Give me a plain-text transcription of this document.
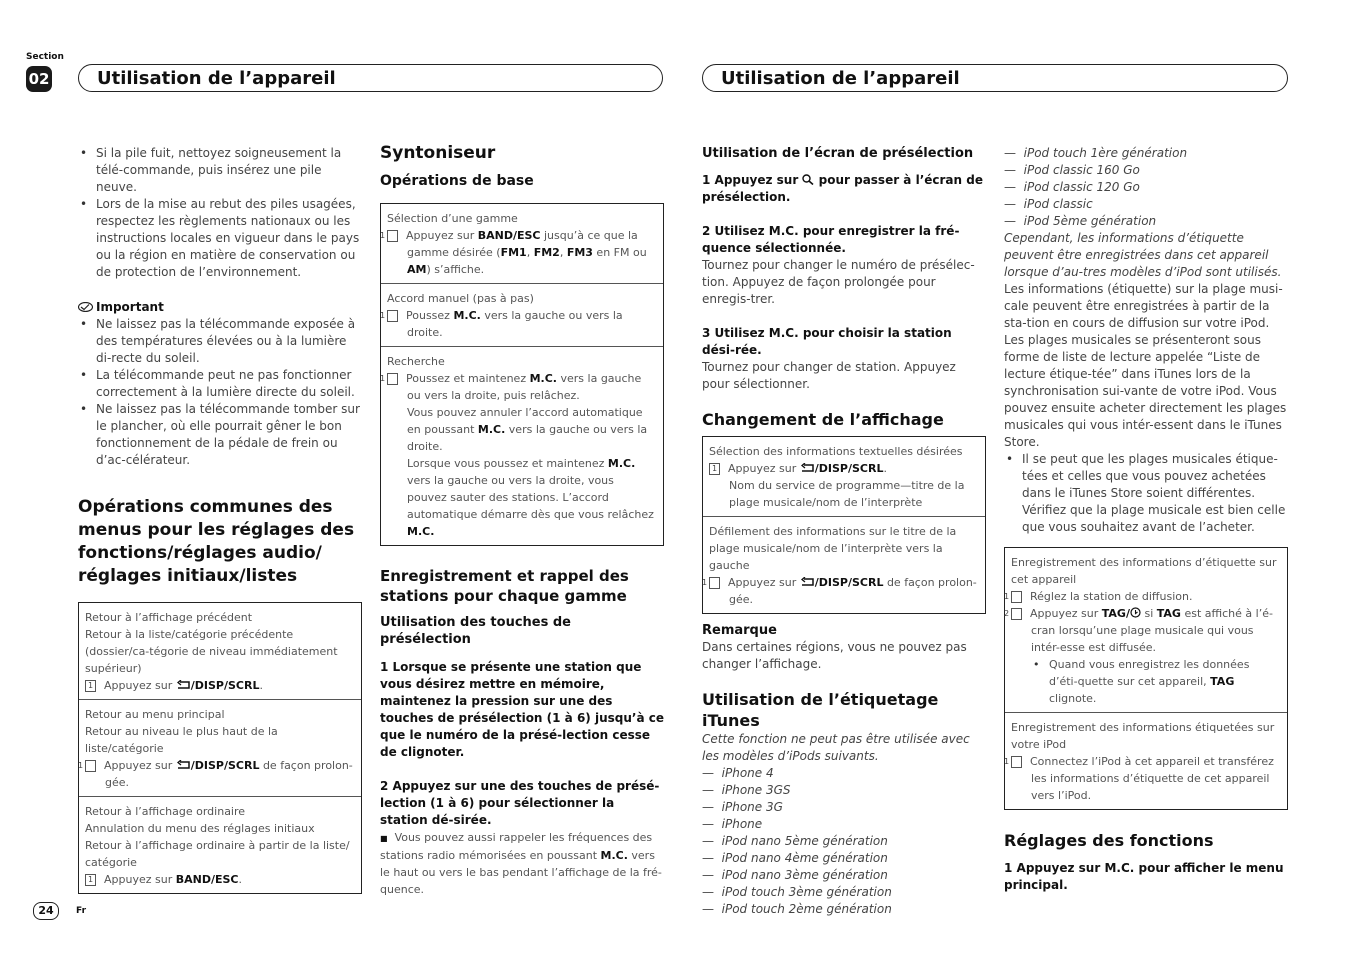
Section
02	Utilisation de l’appareil	Utilisation de l’appareil
• Si la pile fuit, nettoyez soigneusement la télé-commande, puis insérez une pile neuve.
• Lors de la mise au rebut des piles usagées, respectez les règlements nationaux ou les instructions locales en vigueur dans le pays ou la région en matière de conservation ou de protection de l’environnement.
Important
• Ne laissez pas la télécommande exposée à des températures élevées ou à la lumière di-recte du soleil.
• La télécommande peut ne pas fonctionner correctement à la lumière directe du soleil.
• Ne laissez pas la télécommande tomber sur le plancher, où elle pourrait gêner le bon fonctionnement de la pédale de frein ou d’ac-célérateur.
Opérations communes des menus pour les réglages des fonctions/réglages audio/ réglages initiaux/listes
Retour à l’affichage précédent
Retour à la liste/catégorie précédente (dossier/ca-tégorie de niveau immédiatement supérieur)
1 Appuyez sur /DISP/SCRL.
Retour au menu principal
Retour au niveau le plus haut de la liste/catégorie
1 Appuyez sur /DISP/SCRL de façon prolon-gée.
Retour à l’affichage ordinaire
Annulation du menu des réglages initiaux
Retour à l’affichage ordinaire à partir de la liste/ catégorie
1 Appuyez sur BAND/ESC.
Syntoniseur
Opérations de base
Sélection d’une gamme
1 Appuyez sur BAND/ESC jusqu’à ce que la gamme désirée (FM1, FM2, FM3 en FM ou AM) s’affiche.
Accord manuel (pas à pas)
1 Poussez M.C. vers la gauche ou vers la droite.
Recherche
1 Poussez et maintenez M.C. vers la gauche ou vers la droite, puis relâchez.
Vous pouvez annuler l’accord automatique en poussant M.C. vers la gauche ou vers la droite.
Lorsque vous poussez et maintenez M.C. vers la gauche ou vers la droite, vous pouvez sauter des stations. L’accord automatique démarre dès que vous relâchez M.C.
Enregistrement et rappel des stations pour chaque gamme
Utilisation des touches de présélection
1 Lorsque se présente une station que vous désirez mettre en mémoire, maintenez la pression sur une des touches de présélection (1 à 6) jusqu’à ce que le numéro de la présé-lection cesse de clignoter.
2 Appuyez sur une des touches de présé-lection (1 à 6) pour sélectionner la station dé-sirée.
■ Vous pouvez aussi rappeler les fréquences des stations radio mémorisées en poussant M.C. vers le haut ou vers le bas pendant l’affichage de la fré-quence.
Utilisation de l’écran de présélection
1 Appuyez sur  pour passer à l’écran de présélection.
2 Utilisez M.C. pour enregistrer la fré-quence sélectionnée.

Tournez pour changer le numéro de présélec-tion. Appuyez de façon prolongée pour enregis-trer.

3 Utilisez M.C. pour choisir la station dési-rée.

Tournez pour changer de station. Appuyez pour sélectionner.

Changement de l’affichage
Sélection des informations textuelles désirées
1 Appuyez sur /DISP/SCRL.
Nom du service de programme—titre de la plage musicale/nom de l’interprète
Défilement des informations sur le titre de la plage musicale/nom de l’interprète vers la gauche
1 Appuyez sur /DISP/SCRL de façon prolon-gée.
Remarque

Dans certaines régions, vous ne pouvez pas changer l’affichage.

Utilisation de l’étiquetage iTunes

Cette fonction ne peut pas être utilisée avec les modèles d’iPods suivants.

—  iPhone 4
—  iPhone 3GS
—  iPhone 3G
—  iPhone
—  iPod nano 5ème génération
—  iPod nano 4ème génération
—  iPod nano 3ème génération
—  iPod touch 3ème génération
—  iPod touch 2ème génération
—  iPod touch 1ère génération
—  iPod classic 160 Go
—  iPod classic 120 Go
—  iPod classic
—  iPod 5ème génération

Cependant, les informations d’étiquette peuvent être enregistrées dans cet appareil lorsque d’au-tres modèles d’iPod sont utilisés.

Les informations (étiquette) sur la plage musi-cale peuvent être enregistrées à partir de la sta-tion en cours de diffusion sur votre iPod. Les plages musicales se présenteront sous forme de liste de lecture appelée “Liste de lecture étique-tée” dans iTunes lors de la synchronisation sui-vante de votre iPod. Vous pouvez ensuite acheter directement les plages musicales qui vous intér-essent dans le iTunes Store.

• Il se peut que les plages musicales étique-tées et celles que vous pouvez achetées dans le iTunes Store soient différentes. Vérifiez que la plage musicale est bien celle que vous souhaitez avant de l’acheter.
Enregistrement des informations d’étiquette sur cet appareil
1 Réglez la station de diffusion.
2 Appuyez sur TAG/ si TAG est affiché à l’é-cran lorsqu’une plage musicale qui vous intér-esse est diffusée.
• Quand vous enregistrez les données d’éti-quette sur cet appareil, TAG clignote.
Enregistrement des informations étiquetées sur votre iPod
1 Connectez l’iPod à cet appareil et transférez les informations d’étiquette de cet appareil vers l’iPod.
Réglages des fonctions
1 Appuyez sur M.C. pour afficher le menu principal.
24	Fr
